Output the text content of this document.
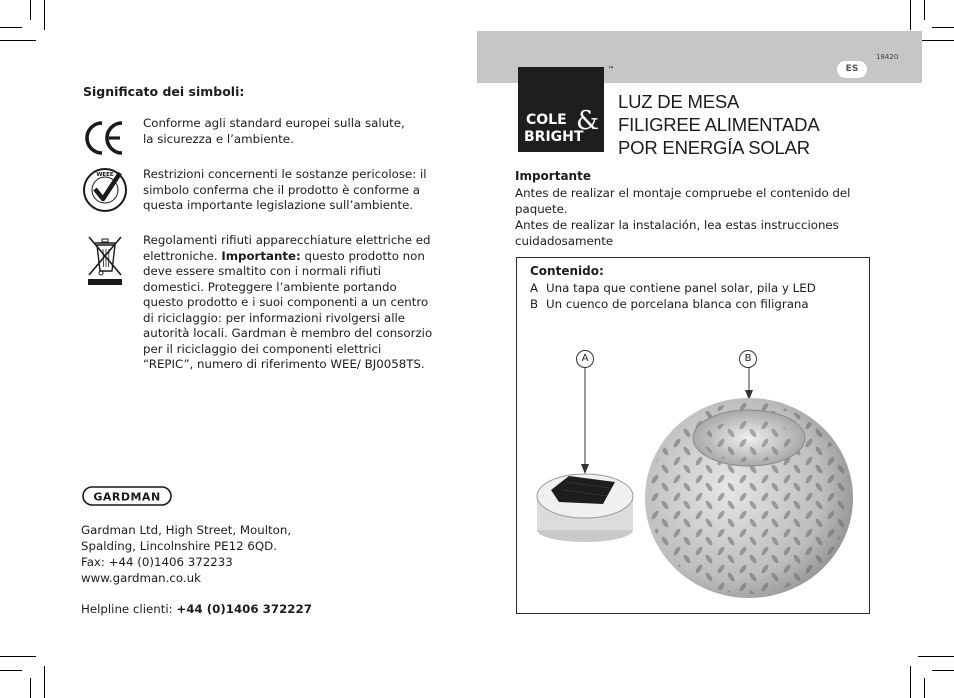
Significato dei simboli:
Conforme agli standard europei sulla salute,
la sicurezza e l’ambiente.
WEEE Restrizioni concernenti le sostanze pericolose: il
simbolo conferma che il prodotto è conforme a
questa importante legislazione sull’ambiente.
Regolamenti rifiuti apparecchiature elettriche ed elettroniche. Importante: questo prodotto non deve essere smaltito con i normali rifiuti domestici. Proteggere l’ambiente portando questo prodotto e i suoi componenti a un centro di riciclaggio: per informazioni rivolgersi alle autorità locali. Gardman è membro del consorzio per il riciclaggio dei componenti elettrici “REPIC”, numero di riferimento WEE/ BJ0058TS.
GARDMAN
Gardman Ltd, High Street, Moulton,
Spalding, Lincolnshire PE12 6QD.
Fax: +44 (0)1406 372233
www.gardman.co.uk
Helpline clienti: +44 (0)1406 372227
18420
ES
COLE
BRIGHT
&
™
LUZ DE MESA
FILIGREE ALIMENTADA
POR ENERGÍA SOLAR
Importante
Antes de realizar el montaje compruebe el contenido del
paquete.
Antes de realizar la instalación, lea estas instrucciones
cuidadosamente
Contenido:
A Una tapa que contiene panel solar, pila y LED
B Un cuenco de porcelana blanca con filigrana
A	B
